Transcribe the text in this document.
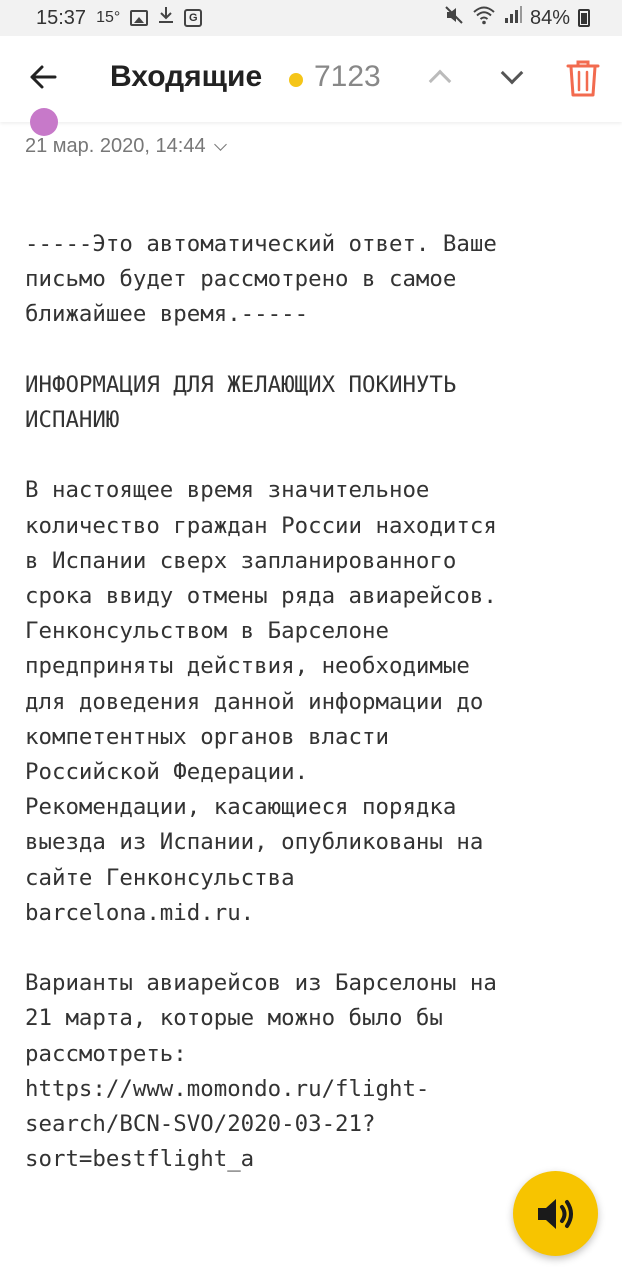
15:37 15°	G	84%
Входящие 7123
21 мар. 2020, 14:44

-----Это автоматический ответ. Ваше
письмо будет рассмотрено в самое
ближайшее время.-----

ИНФОРМАЦИЯ ДЛЯ ЖЕЛАЮЩИХ ПОКИНУТЬ
ИСПАНИЮ

В настоящее время значительное
количество граждан России находится
в Испании сверх запланированного
срока ввиду отмены ряда авиарейсов.
Генконсульством в Барселоне
предприняты действия, необходимые
для доведения данной информации до
компетентных органов власти
Российской Федерации.
Рекомендации, касающиеся порядка
выезда из Испании, опубликованы на
сайте Генконсульства
barcelona.mid.ru.

Варианты авиарейсов из Барселоны на
21 марта, которые можно было бы
рассмотреть:
https://www.momondo.ru/flight-
search/BCN-SVO/2020-03-21?
sort=bestflight_a
